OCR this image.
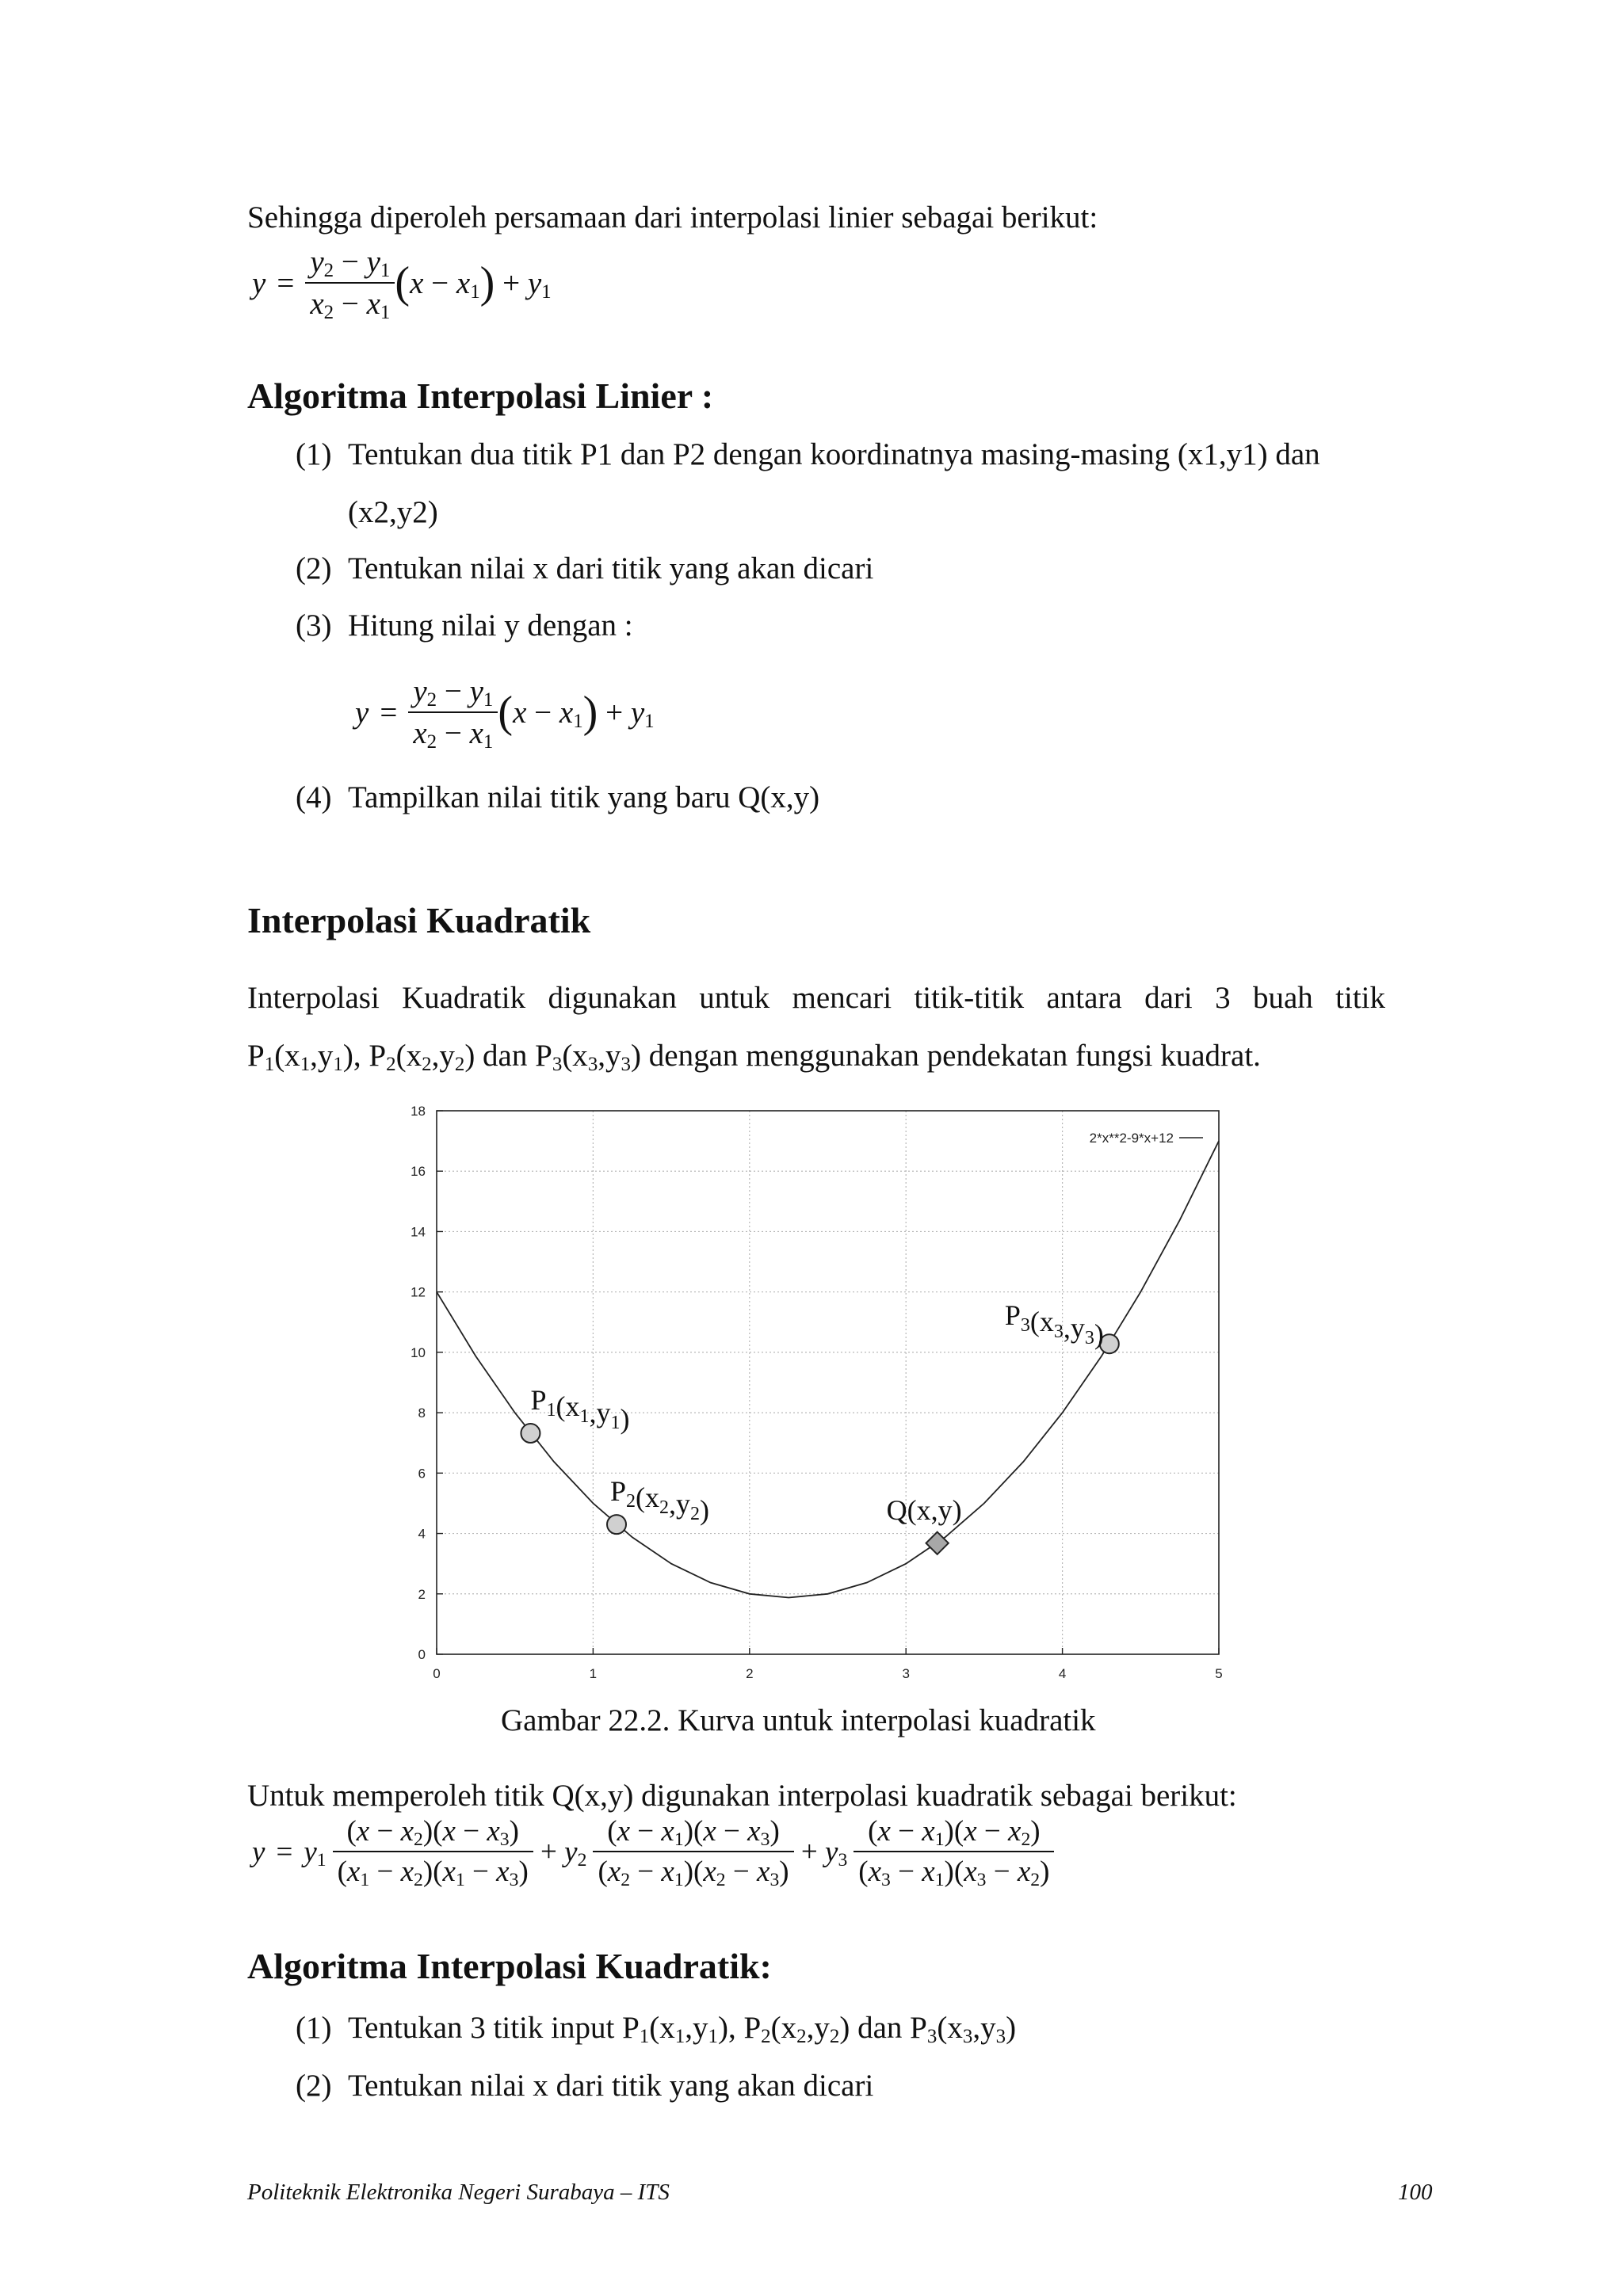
Sehingga diperoleh persamaan dari interpolasi linier sebagai berikut:
$y = \frac{y_2 - y_1}{x_2 - x_1}$ ( $x - x_1$ ) + $y_1$
Algoritma Interpolasi Linier :
(1) Tentukan dua titik P1 dan P2 dengan koordinatnya masing-masing (x1,y1) dan
(x2,y2)
(2) Tentukan nilai x dari titik yang akan dicari
(3) Hitung nilai y dengan :
$y = \frac{y_2 - y_1}{x_2 - x_1}$ ( $x - x_1$ ) + $y_1$
(4) Tampilkan nilai titik yang baru Q(x,y)
Interpolasi Kuadratik
Interpolasi Kuadratik digunakan untuk mencari titik-titik antara dari 3 buah titik
$P_1(x_1,y_1)$, $P_2(x_2,y_2)$ dan $P_3(x_3,y_3)$ dengan menggunakan pendekatan fungsi kuadrat.
0	1	2	3	4	5
0
2
4
6
8
10
12
14
16
18
2*x**2-9*x+12
$P_1(x_1,y_1)$
$P_2(x_2,y_2)$
$P_3(x_3,y_3)$
Q(x,y)
Gambar 22.2. Kurva untuk interpolasi kuadratik
Untuk memperoleh titik Q(x,y) digunakan interpolasi kuadratik sebagai berikut:
$y = y_1 \frac{(x - x_2)(x - x_3)}{(x_1 - x_2)(x_1 - x_3)} + y_2 \frac{(x - x_1)(x - x_3)}{(x_2 - x_1)(x_2 - x_3)} + y_3 \frac{(x - x_1)(x - x_2)}{(x_3 - x_1)(x_3 - x_2)}$
Algoritma Interpolasi Kuadratik:
(1) Tentukan 3 titik input $P_1(x_1,y_1)$, $P_2(x_2,y_2)$ dan $P_3(x_3,y_3)$
(2) Tentukan nilai x dari titik yang akan dicari
Politeknik Elektronika Negeri Surabaya – ITS	100
